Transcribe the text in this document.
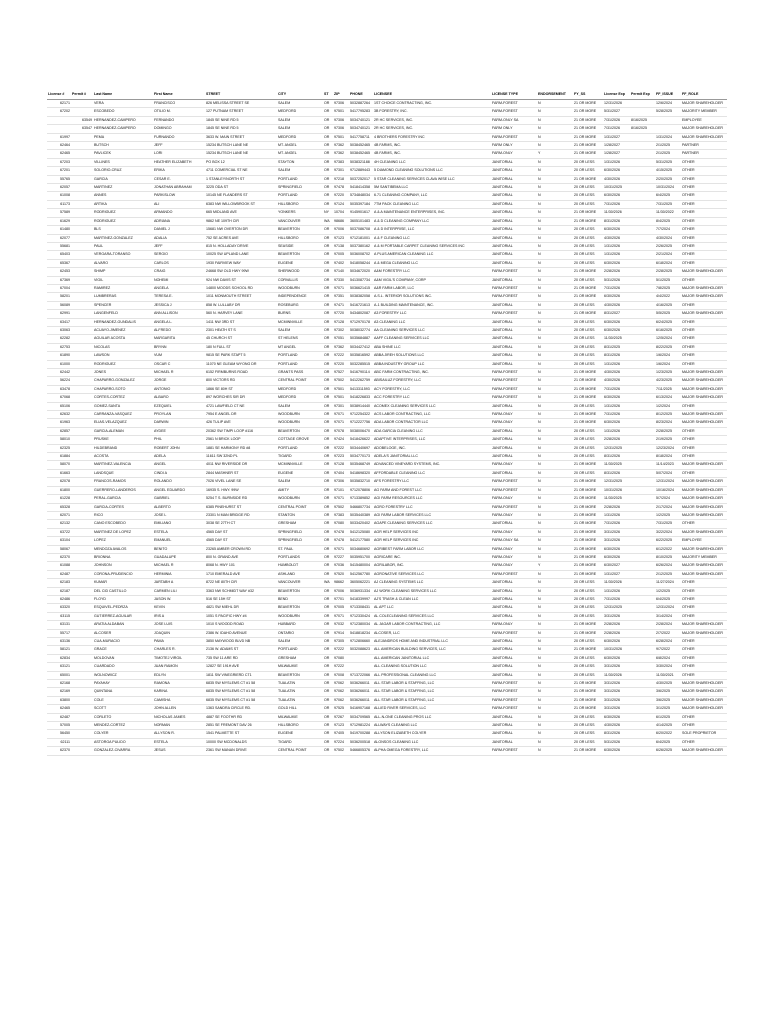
License #	Permit #	Last Name	First Name	STREET	CITY	ST	ZIP	PHONE	LICENSEE	LICENSE TYPE	ENDORSEMENT	FY_SS	License Exp	Permit Exp	FF_ISSUE	FF_ROLE
62171		VERA	FRANCISCO	826 MELISSA STREET SE	SALEM	OR	97306	5032887264	1ST CHOICE CONTRACTING, INC.	FARM-FOREST	N	21 OR MORE	12/31/2026		12/6/2024	MAJOR SHAREHOLDER
67202		ESCOBEDO	OTILIO M.	127 PUTNAM STREET	MEDFORD	OR	97501	5417795283	3B FORESTRY, INC.	FARM-FOREST	N	21 OR MORE	5/31/2027		5/28/2025	MAJORITY MEMBER
	63549	HERNANDEZ-CAMPERO	FERNANDO	1845 SE NINE RD 5	SALEM	OR	97306	5034740121	2R HC SERVICES, INC.	FARM-ONLY SA	N	21 OR MORE	7/31/2026	8/16/2025		EMPLOYEE
	63547	HERNANDEZ-CAMPERO	DOMINGO	1845 SE NINE RD 5	SALEM	OR	97306	5034740121	2R HC SERVICES, INC.	FARM ONLY	N	21 OR MORE	7/31/2026	8/16/2025		MAJOR SHAREHOLDER
61997		PEMA	FURNANDO	3633 W. MAIN STREET	MEDFORD	OR	97501	5417758711	4 BROTHERS FORESTRY INC	FARM-FOREST	N	21 OR MORE	1/31/2027		1/31/2024	MAJOR SHAREHOLDER
62464		BUTSCH	JEFF	15234 BUTSCH LANE NE	MT. ANGEL	OR	97362	5038452465	4B FARMS, INC.	FARM ONLY	N	21 OR MORE	1/28/2027		2/1/2025	PARTNER
62465		PAVLICEK	LORI	15234 BUTSCH LANE NE	MT. ANGEL	OR	97362	5038452465	4B FARMS, INC.	FARM-ONLY	Y	21 OR MORE	1/28/2027		2/1/2025	PARTNER
67203		VILLINES	HEATHER ELIZABETH	PO BOX 12	STAYTON	OR	97383	5038321188	4H CLEANING LLC	JANITORIAL	N	20 OR LESS	1/31/2026		5/31/2025	OTHER
67201		SOLORIO-CRUZ	ERIKA	4711 COMERCIAL ST NE	SALEM	OR	97301	9712889443	5 DIAMOND CLEANING SOLUTIONS LLC	JANITORIAL	N	20 OR LESS	6/30/2026		4/15/2025	OTHER
55765		GARCIA	CESAR E.	1 STANLEY/NORTH ST	PORTLAND	OR	97218	5037252017	5 STAR CLEANING SERVICES CLAVA WISE LLC	JANITORIAL	N	21 OR MORE	4/30/2026		2/20/2025	OTHER
62057		MARTINEZ	JONATHAN ABRAHAM	3225 ODA ST	SPRINGFIELD	OR	97478	5418414358	5M SANTIBEMA LLC	JANITORIAL	N	20 OR LESS	10/31/2025		10/31/2024	OTHER
61008		ANNES	PARKISLOW	10145 NE FLANDERS ST	PORTLAND	OR	97220	5734848034	6.71 CLEANING COMPANY, LLC	JANITORIAL	N	20 OR LESS	6/30/2026		6/4/2025	OTHER
61173		ARTIKA	ALI	6383 NW WILLOWBROOK ST	HILLSBORO	OR	97124	5035397184	7TM PACK CLEANING LLC	JANITORIAL	N	20 OR LESS	7/31/2026		7/31/2025	OTHER
57589		RODRIGUEZ	ARMANDO	665 MIDLAND AVE	YONKERS	NY	10704	9145901617	A & A MAINTENANCE ENTERPRISES, INC.	JANITORIAL	N	21 OR MORE	11/30/2026		11/30/2022	OTHER
61629		RODRIGUEZ	ADRIANA	9862 NE 109TH CIR	VANCOUVER	WA	98686	3605101483	A & D CLEANING COMPANY LLC	JANITORIAL	N	21 OR MORE	8/31/2026		8/4/2025	OTHER
61480		BLS	DANIEL J	15681 NW OVERTON DR	BEAVERTON	OR	97006	5037086708	A & D INTERPRISE, LLC	JANITORIAL	N	20 OR LESS	6/30/2026		7/7/2024	OTHER
62077		MARTINEZ-GONZALEZ	ADALIA	752 SE ACRES AVE	HILLSBORO	OR	97123	9712181001	A & F CLEANING LLC	JANITORIAL	N	20 OR LESS	4/30/2026		4/30/2024	OTHER
55681		PAUL	JEFF	815 N. HOLLADAY DRIVE	SEASIDE	OR	97138	5037380162	A & M PORTABLE CARPET CLEANING SERVICES INC	JANITORIAL	N	20 OR LESS	1/31/2026		2/26/2025	OTHER
65403		VERGARA-TORANSO	SERGIO	10025 SW UPLAND LANE	BEAVERTON	OR	97005	5036008702	A PLUS AMERICAN CLEANING LLC	JANITORIAL	N	20 OR LESS	1/31/2026		2/21/2024	OTHER
65367		ALVARO	CARLOS	1930 FAIRVIEW WAY	EUGENE	OR	97402	5418058244	A & MEGA CLEANING LLC	JANITORIAL	N	20 OR LESS	6/30/2026		6/18/2024	OTHER
62453		SHIMP	CRAIG	24668 SW OLD HWY 99W	SHERWOOD	OR	97140	5034672020	A&M FORESTRY LLC	FARM-FOREST	N	21 OR MORE	2/28/2026		2/28/2025	MAJOR SHAREHOLDER
67369		VIGIL	NOHEMI	924 NW DAVIS ST	CORVALLIS	OR	97330	5413087734	A&M VIGIL'S COMPANY, CORP	JANITORIAL	N	20 OR LESS	5/31/2026		5/1/2025	OTHER
67004		RAMIREZ	ANGELA	14800 MOODS SCHOOL RD	WOODBURN	OR	97071	5036621415	A&R FARM LABOR, LLC	FARM-FOREST	N	21 OR MORE	7/31/2026		7/8/2025	MAJOR SHAREHOLDER
58201		LUMBRERAS	TERESA E.	1011 MONMOUTH STREET	INDEPENDENCE	OR	97351	5038382058	A.S.L. INTERIOR SOLUTIONS INC.	FARM-FOREST	N	21 OR MORE	6/30/2026		4/4/2022	MAJOR SHAREHOLDER
56089		SPENCER	JESSICA J	858 W. LULLABY DR	ROSEBURG	OR	97471	5416721613	A-1 BUILDING MAINTENANCE, INC.	JANITORIAL	N	20 OR LESS	4/30/2026		4/16/2025	OTHER
62991		LANGENFELD	ANN ALLISON	560 N. HARVEY LANE	BURNS	OR	97720	5434802087	A3 FORESTRY LLC	FARM-FOREST	N	21 OR MORE	8/31/2027		5/5/2025	MAJOR SHAREHOLDER
63417		HERNANDEZ-GUNDALIS	ANGELA L.	1411 NW 3RD ST	MCMINNVILLE	OR	97128	9712970178	A3 CLEANING LLC	JANITORIAL	N	20 OR LESS	6/30/2026		6/24/2025	OTHER
63063		ACUAYO-JIMENEZ	ALFREDO	2301 HEATH ST S	SALEM	OR	97302	5038032774	AA CLEANING SERVICES LLC	JANITORIAL	N	20 OR LESS	6/30/2026		6/16/2025	OTHER
62282		AGUILAR ACOSTA	MARGARITA	45 CHURCH ST	ST HELENS	OR	97051	5035684887	AAFF CLEANING SERVICES LLC	JANITORIAL	N	20 OR LESS	11/30/2025		12/5/2024	OTHER
62753		NICOLAS	BRYNN	180 N FULL ST	MT ANGEL	OR	97362	5034427412	ABA SHINE LLC	JANITORIAL	N	20 OR LESS	8/31/2025		8/22/2025	OTHER
61890		LAWSON	VUM	9815 SE PARK STAPT 5	PORTLAND	OR	97222	5035816592	ABBA JIREH SOLUTIONS LLC	JANITORIAL	N	20 OR LESS	8/31/2026		1/6/2024	OTHER
61000		RODRIGUEZ	OSCAR C	11070 NE GLEAM WYONG DR	PORTLAND	OR	97220	5032285515	ABBA INDUSTRY GROUP LLC	JANITORIAL	N	20 OR LESS	1/31/2026		1/6/2024	OTHER
62442		JONES	MICHAEL R	6152 FIRMBURNS ROAD	GRANTS PASS	OR	97527	5416790114	ABC FARM CONTRACTING, INC.	FARM-FOREST	N	21 OR MORE	4/30/2026		1/23/2025	MAJOR SHAREHOLDER
56224		CHAPARRO-GONZALEZ	JORGE	800 VICTORS RD	CENTRAL POINT	OR	97502	5412262759	ABISAILUZ FORESTRY, LLC	FARM-FOREST	N	21 OR MORE	4/30/2026		4/23/2025	MAJOR SHAREHOLDER
63478		CHAPARRO-SOTO	ANTONIO	1866 SE 80H ST	MEDFORD	OR	97501	5413311593	ACY FORESTRY, LLC	FARM-FOREST	N	21 OR MORE	7/31/2026		7/11/2025	MAJOR SHAREHOLDER
67068		CORTES-CORTEZ	ALBARO	897 WORCHES SIR DR	MEDFORD	OR	97501	5418226833	ACC FORESTRY LLC	FARM-FOREST	N	21 OR MORE	6/30/2026		6/13/2024	MAJOR SHAREHOLDER
65106		GOMEZ-SANTA	EZEQUIEL	4721 LAWFIELD CT NE	SALEM	OR	97301	5038914440	ACOMEX CLEANING SERVICES LLC	JANITORIAL	N	20 OR LESS	1/31/2026		1/2/2024	OTHER
62632		CARRANZA-VASQUEZ	PROYLAN	7954 E ANGEL DR	WOODBURN	OR	97071	9712254322	ACS LABOR CONTRACTING, LLC	FARM-ONLY	N	21 OR MORE	7/31/2026		8/12/2025	MAJOR SHAREHOLDER
61963		ELIAS-VELAZQUEZ	DARWIN	426 TULIP AVE	WOODBURN	OR	97071	9712227756	ADA LABOR CONTRACTOR LLC	FARM-ONLY	N	21 OR MORE	6/30/2026		8/23/2024	MAJOR SHAREHOLDER
62857		GARCIA-ALEMAN	AYDEE	20362 SW TIMPI LOOP #116	BEAVERTON	OR	97078	5038006470	ADA GARCIA CLEANING LLC	JANITORIAL	N	20 OR LESS	1/31/2026		2/28/2025	OTHER
58010		PRUSKE	PHIL	2561 N BRICK LOOP	COTTAGE GROVE	OR	97424	5418426622	ADAPTIVE INTERPRISES, LLC	JANITORIAL	N	20 OR LESS	2/28/2026		2/19/2025	OTHER
62325		HILDEBRAND	ROBERT JOHN	1881 SE HARMONY RD #8	PORTLAND	OR	97222	5034440697	ADOBELOGE, INC.	JANITORIAL	N	20 OR LESS	12/31/2025		12/23/2024	OTHER
61884		ACOSTA	ADELA	11611 SW 32ND PL	TIGARD	OR	97223	5034770173	ADELA'S JANITORIAL LLC	JANITORIAL	N	20 OR LESS	8/31/2026		8/18/2024	OTHER
58070		MARTINEZ-VALENCIA	ANGEL	4011 NW RIVERSIDE DR	MCMINNVILLE	OR	97128	5035468749	ADVANCED VINEYARD SYSTEMS, INC.	FARM-ONLY	N	21 OR MORE	11/30/2025		11/14/2023	MAJOR SHAREHOLDER
61663		LANDSQUE	CINDI A	2844 MASHNER ST	EUGENE	OR	97404	5418698320	AFFORDABLE CLEANING LLC	JANITORIAL	N	20 OR LESS	8/31/2026		5/07/2024	OTHER
62078		FRANCOS-RAMOS	ROLANDO	7026 VIVEL LANE SE	SALEM	OR	97306	5035832710	AFS FORESTRY LLC	FARM-FOREST	N	21 OR MORE	12/31/2025		12/31/2024	MAJOR SHAREHOLDER
61800		GUERRERO-LANDEROS	ANGEL EDUARDO	16935 S. HWY. 99W	AMITY	OR	97101	9712078806	AG FARM AND FOREST LLC	FARM-FOREST	N	21 OR MORE	10/31/2026		10/16/2024	MAJOR SHAREHOLDER
61228		PERAL-GARCIA	GABRIEL	5254 T S. BURNSIDE RD	WOODBURN	OR	97071	9713389852	AGI FARM RESOURCES LLC	FARM-ONLY	N	21 OR MORE	11/30/2025		5/7/2024	MAJOR SHAREHOLDER
65328		GARCIA-CORTES	ALBERTO	6385 PINEHURST ST	CENTRAL POINT	OR	97502	5466807734	AGRO FORESTRY LLC	FARM-FOREST	N	21 OR MORE	2/28/2026		2/17/2024	MAJOR SHAREHOLDER
62071		RICO	JOSE L	23301 N MAN BRIDGE RD	STANTON	OR	97383	5035440389	AGI FARM LABOR SERVICES LLC	FARM-ONLY	N	21 OR MORE	1/31/2026		1/2/2025	MAJOR SHAREHOLDER
62132		CANO ESCOBEDO	EMILIANO	3038 SE 27TH CT	GRESHAM	OR	97080	5033420402	AGAPE CLEANING SERVICES LLC	JANITORIAL	N	21 OR MORE	7/31/2026		7/31/2025	OTHER
63722		MARTINEZ DE LOPEZ	ESTELA	4565 DAY ST	SPRINGFIELD	OR	97478	5412125080	AGR HELP SERVICES INC	FARM-ONLY	N	21 OR MORE	3/31/2026		3/22/2024	MAJOR SHAREHOLDER
63104		LOPEZ	EMANUEL	4565 DAY ST	SPRINGFIELD	OR	97478	5412177580	AGR HELP SERVICES INC	FARM-ONLY SA	N	21 OR MORE	3/31/2026		6/22/2025	EMPLOYEE
58067		MENDOZA AVALOS	BENITO	23265 AMBER CROWN RD	ST. PAUL	OR	97071	5034680692	AGRIBEST FARM LABOR LLC	FARM-ONLY	N	21 OR MORE	6/30/2026		6/12/2022	MAJOR SHAREHOLDER
62370		BRIONNA	GUADALUPE	800 N. GRAND AVE	PORTLANDS	OR	97227	5035951700	AGRICARE INC.	FARM-ONLY	N	21 OR MORE	6/30/2026		8/10/2025	MAJORITY MEMBER
61088		JOHNSON	MICHAEL R	8068 N. HWY 101	HUMBOLDT	OR	97036	5415480004	AGRILABOR, INC.	FARM-ONLY	Y	21 OR MORE	6/30/2027		6/26/2024	MAJOR SHAREHOLDER
62487		CORONA-PRUDENCIO	HERMINIA	1710 EMERALD AVE	ASHLAND	OR	97520	5412567780	AGRONATIVE SERVICES LLC	FARM-FOREST	N	21 OR MORE	1/31/2027		2/12/2025	MAJOR SHAREHOLDER
62183		KUMAR	JARTABH A	8722 NE 80TH CIR	VANCOUVER	WA	98662	3605062221	AJ CLEANING SYSTEMS LLC	JANITORIAL	N	20 OR LESS	11/30/2026		11/27/2024	OTHER
62187		DEL CID CASTILLO	CARMEN LILI	3363 NW SCHMIDT WAY #32	BEAVERTON	OR	97006	5036931334	AJ WORK CLEANING SERVICES LLC	JANITORIAL	N	20 OR LESS	1/31/2026		1/2/2025	OTHER
62486		FLOYD	JASON W.	516 SE 15H ST	BEND	OR	97701	5418339997	AJ'S TRASH & CLEAN LLC	JANITORIAL	N	20 OR LESS	7/31/2026		6/4/2025	OTHER
63320		ESQUIVEL-PEDRZA	KEVIN	4821 SW MIEHL DR	BEAVERTON	OR	97005	9713308431	AL APT LLC	JANITORIAL	N	20 OR LESS	12/31/2025		12/31/2024	OTHER
63115		GUTIERREZ-AGUILAR	IRIS A	1051 S PACIFIC HWY #4	WOODBURN	OR	97071	9712330424	AL COLECLEANING SERVICES LLC	JANITORIAL	N	20 OR LESS	3/31/2026		3/14/2024	OTHER
63131		ARATIA ALDABAN	JOSE LUIS	1010 S WOODD ROAD	HUBBARD	OR	97032	9712380034	AL JAGAR LABOR CONTRACTING, LLC	FARM-ONLY	N	21 OR MORE	2/28/2026		2/28/2024	MAJOR SHAREHOLDER
55717		ALCOSER	JOAQUIN	2386 W. IDAHO AVENUE	ONTARIO	OR	97914	5418818234	ALCOSER, LLC	FARM-FOREST	N	21 OR MORE	2/28/2026		2/7/2022	MAJOR SHAREHOLDER
63136		CUA-MURACIO	PAMA	3850 MAYWOOD BLVD NB	SALEM	OR	97305	9712806660	ALEJANDROS HOME AND INDUSTRIAL LLC	JANITORIAL	N	20 OR LESS	6/30/2026		6/28/2024	OTHER
58121		GRACE	CHARLES R.	2136 W. ADAMS ST	PORTLAND	OR	97222	5032088623	ALL AMERICAN BUILDING SERVICES, LLC	JANITORIAL	N	21 OR MORE	10/31/2026		9/7/2022	OTHER
62834		MOLDOVAN	TIMOTEJ VIRGIL	735 SW 11 ARE RD	GRESHAM	OR	97080		ALL AMERICAN JANITORIAL LLC	JANITORIAL	N	20 OR LESS	6/30/2026		6/8/2024	OTHER
63121		CUARDADO	JUAN RAMON	12827 SE 191H AVE	MILWAUKIE	OR	97222		ALL CLEANING SOLUTION LLC	JANITORIAL	N	20 OR LESS	3/31/2026		3/30/2024	OTHER
65001		WOLNOWICZ	EDLYN	1811 SW VINEGRIERD CT1	BEAVERTON	OR	97008	9713722066	ALL PROFESSIONAL CLEANING LLC	JANITORIAL	N	20 OR LESS	11/30/2026		11/30/2021	OTHER
62168		PAYAHAY	RAMONA	6835 SW MYSLEMS CT #1 58	TUALATIN	OR	97062	5036266011	ALL STAR LABOR & STAFFING, LLC	FARM-FOREST	N	21 OR MORE	3/31/2026		4/30/2025	MAJOR SHAREHOLDER
62169		QUINTANA	KARINA	6835 SW MYSLEMS CT #1 58	TUALATIN	OR	97062	5036266011	ALL STAR LABOR & STAFFING, LLC	FARM-FOREST	N	21 OR MORE	3/31/2026		3/6/2025	MAJOR SHAREHOLDER
63800		COLE	CAMISHA	6835 SW MYSLEMS CT #1 58	TUALATIN	OR	97062	5036266011	ALL STAR LABOR & STAFFING, LLC	FARM-FOREST	N	21 OR MORE	3/31/2026		3/6/2025	MAJOR SHAREHOLDER
62465		SCOTT	JOHN ALLEN	1363 SANDRA CIRCLE RD.	GOLD HILL	OR	97525	5416907168	ALLIED RIVER SERVICES, LLC	FARM-FOREST	N	21 OR MORE	3/31/2026		3/1/2025	MAJOR SHAREHOLDER
62487		CORLETO	NICHOLAS JAMES	4887 SE FOOTHR RD	MILWAUKIE	OR	97267	5034709565	ALL-N-ONE CLEANING PROS LLC	JANITORIAL	N	20 OR LESS	6/30/2026		6/1/2025	OTHER
57005		MENDEZ-CORTEZ	NORMAN	2851 SE FREMONT DAV 26	HILLSBORO	OR	97123	9712981224	ALLWAYS CLEANING LLC	JANITORIAL	N	20 OR LESS	4/30/2026		4/14/2025	OTHER
56450		COLYER	ALLYSON R.	1541 PALMETTE ST	EUGENE	OR	97405	5419700288	ALLYSON ELIZABETH COLYER	JANITORIAL	N	20 OR LESS	8/31/2026		6/20/2022	SOLE PROPRIETOR
62111		ASTORGA PULIDO	ESTELA	10000 SW MCDONALDS	TIGARD	OR	97224	5036200518	ALONSOS CLEANING LLC	JANITORIAL	N	20 OR LESS	5/31/2026		6/4/2025	OTHER
62370		GONZALEZ-CIVARRA	JESUS	2361 SW MANAN DRIVE	CENTRAL POINT	OR	97502	5466805376	ALPHA OMEGA FORESTRY, LLC	FARM-FOREST	N	21 OR MORE	6/30/2026		6/26/2025	MAJOR SHAREHOLDER
